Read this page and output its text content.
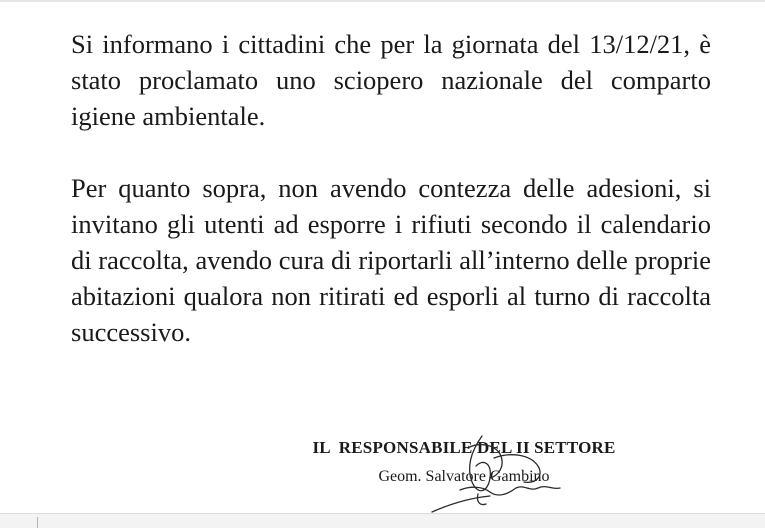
Si informano i cittadini che per la giornata del 13/12/21, è stato proclamato uno sciopero nazionale del comparto igiene ambientale.

Per quanto sopra, non avendo contezza delle adesioni, si invitano gli utenti ad esporre i rifiuti secondo il calendario di raccolta, avendo cura di riportarli all’interno delle proprie abitazioni qualora non ritirati ed esporli al turno di raccolta successivo.

IL  RESPONSABILE DEL II SETTORE
Geom. Salvatore Gambino
